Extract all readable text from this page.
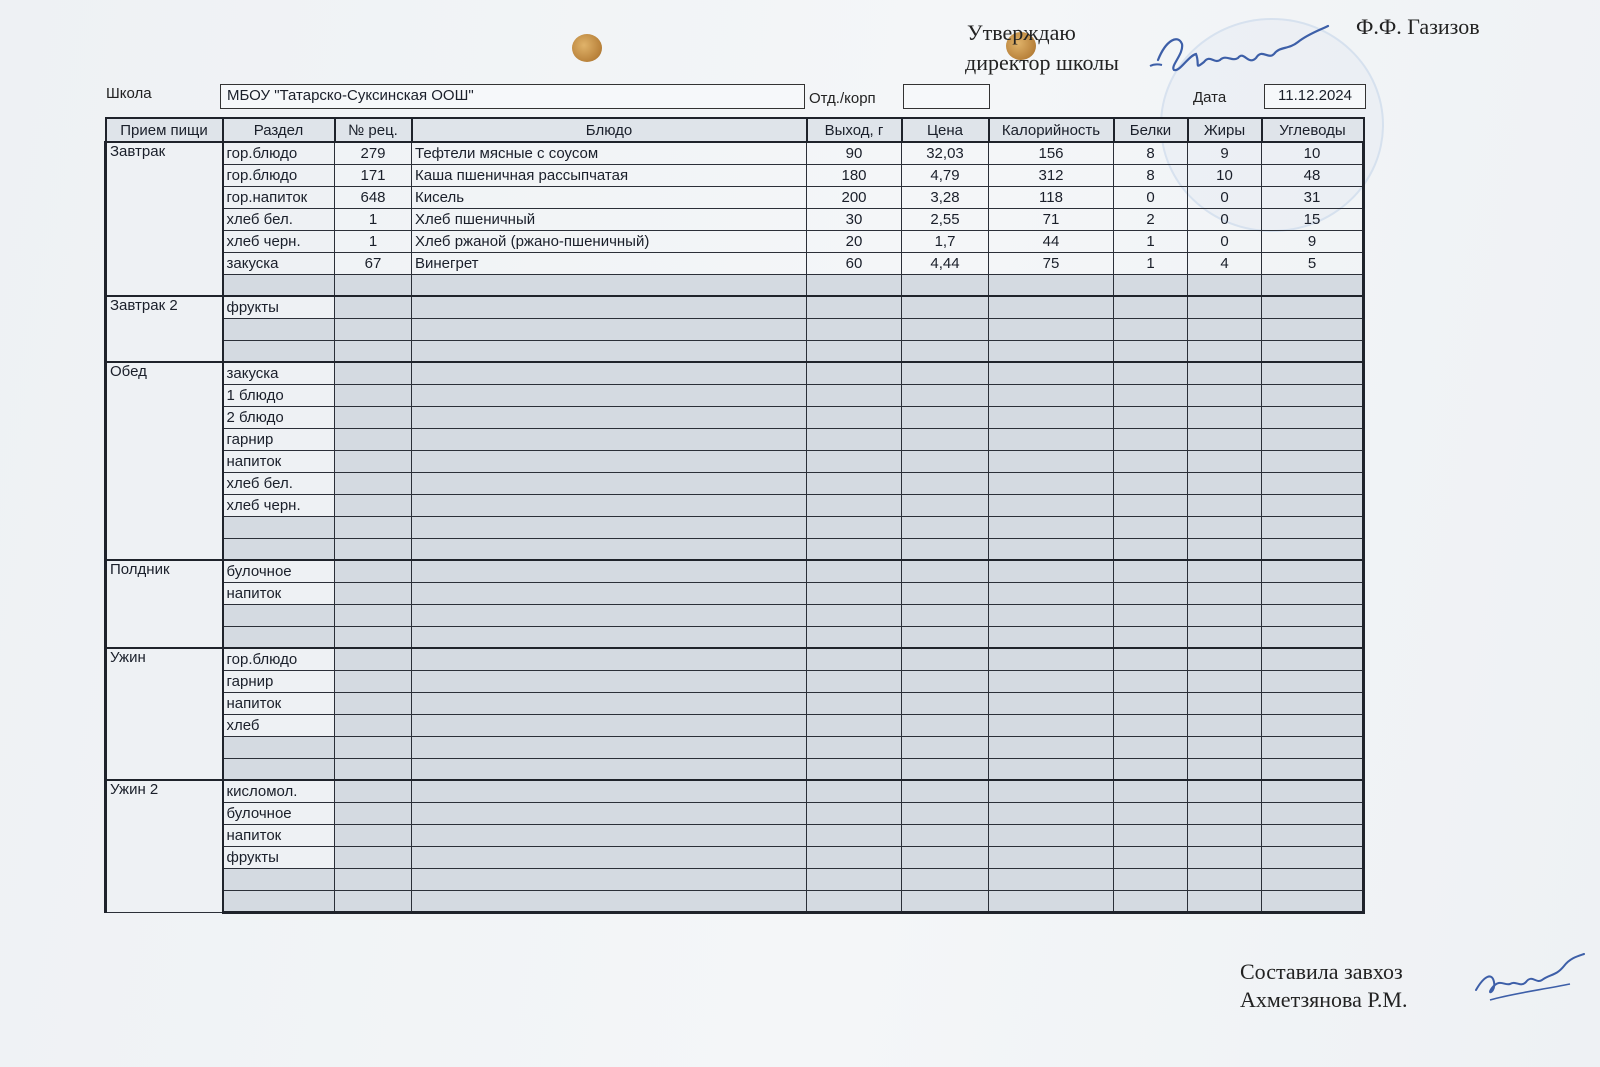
Утверждаю
директор школы
Ф.Ф. Газизов
Школа	МБОУ "Татарско-Суксинская ООШ"	Отд./корп	Дата	11.12.2024
Прием пищи	Раздел	№ рец.	Блюдо	Выход, г	Цена	Калорийность	Белки	Жиры	Углеводы
Завтрак	гор.блюдо	279	Тефтели мясные с соусом	90	32,03	156	8	9	10
	гор.блюдо	171	Каша пшеничная рассыпчатая	180	4,79	312	8	10	48
	гор.напиток	648	Кисель	200	3,28	118	0	0	31
	хлеб бел.	1	Хлеб пшеничный	30	2,55	71	2	0	15
	хлеб черн.	1	Хлеб ржаной (ржано-пшеничный)	20	1,7	44	1	0	9
	закуска	67	Винегрет	60	4,44	75	1	4	5

Завтрак 2	фрукты								

Обед	закуска								
	1 блюдо								
	2 блюдо								
	гарнир								
	напиток								
	хлеб бел.								
	хлеб черн.								

Полдник	булочное								
	напиток								

Ужин	гор.блюдо								
	гарнир								
	напиток								
	хлеб								

Ужин 2	кисломол.								
	булочное								
	напиток								
	фрукты								

Составила завхоз
Ахметзянова Р.М.
